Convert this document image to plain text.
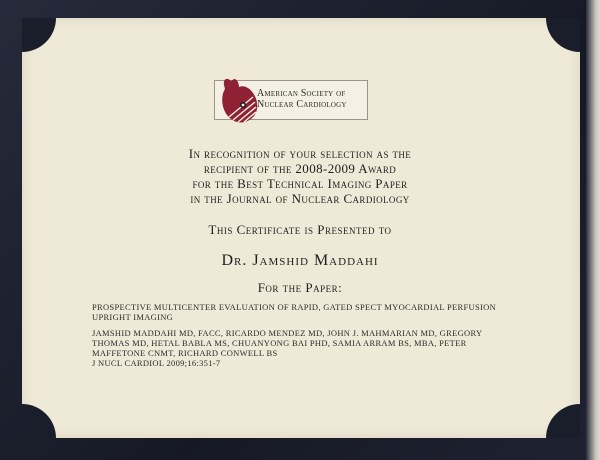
American Society of
Nuclear Cardiology
In recognition of your selection as the
recipient of the 2008-2009 Award
for the Best Technical Imaging Paper
in the Journal of Nuclear Cardiology
This Certificate is Presented to
Dr. Jamshid Maddahi
For the Paper:
PROSPECTIVE MULTICENTER EVALUATION OF RAPID, GATED SPECT MYOCARDIAL PERFUSION
UPRIGHT IMAGING
JAMSHID MADDAHI MD, FACC, RICARDO MENDEZ MD, JOHN J. MAHMARIAN MD, GREGORY
THOMAS MD, HETAL BABLA MS, CHUANYONG BAI PHD, SAMIA ARRAM BS, MBA, PETER
MAFFETONE CNMT, RICHARD CONWELL BS
J NUCL CARDIOL 2009;16:351-7
